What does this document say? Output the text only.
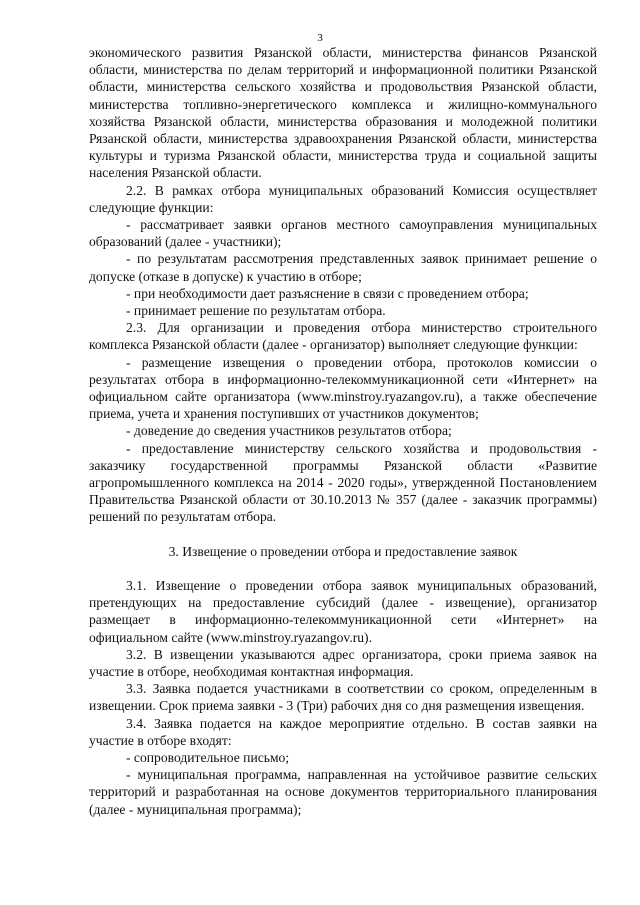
3

экономического развития Рязанской области, министерства финансов Рязанской области, министерства по делам территорий и информационной политики Рязанской области, министерства сельского хозяйства и продовольствия Рязанской области, министерства топливно-энергетического комплекса и жилищно-коммунального хозяйства Рязанской области, министерства образования и молодежной политики Рязанской области, министерства здравоохранения Рязанской области, министерства культуры и туризма Рязанской области, министерства труда и социальной защиты населения Рязанской области.

2.2. В рамках отбора муниципальных образований Комиссия осуществляет следующие функции:

- рассматривает заявки органов местного самоуправления муниципальных образований (далее - участники);

- по результатам рассмотрения представленных заявок принимает решение о допуске (отказе в допуске) к участию в отборе;

- при необходимости дает разъяснение в связи с проведением отбора;

- принимает решение по результатам отбора.

2.3. Для организации и проведения отбора министерство строительного комплекса Рязанской области (далее - организатор) выполняет следующие функции:

- размещение извещения о проведении отбора, протоколов комиссии о результатах отбора в информационно-телекоммуникационной сети «Интернет» на официальном сайте организатора (www.minstroy.ryazangov.ru), а также обеспечение приема, учета и хранения поступивших от участников документов;

- доведение до сведения участников результатов отбора;

- предоставление министерству сельского хозяйства и продовольствия - заказчику государственной программы Рязанской области «Развитие агропромышленного комплекса на 2014 - 2020 годы», утвержденной Постановлением Правительства Рязанской области от 30.10.2013 № 357 (далее - заказчик программы) решений по результатам отбора.

3. Извещение о проведении отбора и предоставление заявок

3.1. Извещение о проведении отбора заявок муниципальных образований, претендующих на предоставление субсидий (далее - извещение), организатор размещает в информационно-телекоммуникационной сети «Интернет» на официальном сайте (www.minstroy.ryazangov.ru).

3.2. В извещении указываются адрес организатора, сроки приема заявок на участие в отборе, необходимая контактная информация.

3.3. Заявка подается участниками в соответствии со сроком, определенным в извещении. Срок приема заявки - 3 (Три) рабочих дня со дня размещения извещения.

3.4. Заявка подается на каждое мероприятие отдельно. В состав заявки на участие в отборе входят:

- сопроводительное письмо;

- муниципальная программа, направленная на устойчивое развитие сельских территорий и разработанная на основе документов территориального планирования (далее - муниципальная программа);
